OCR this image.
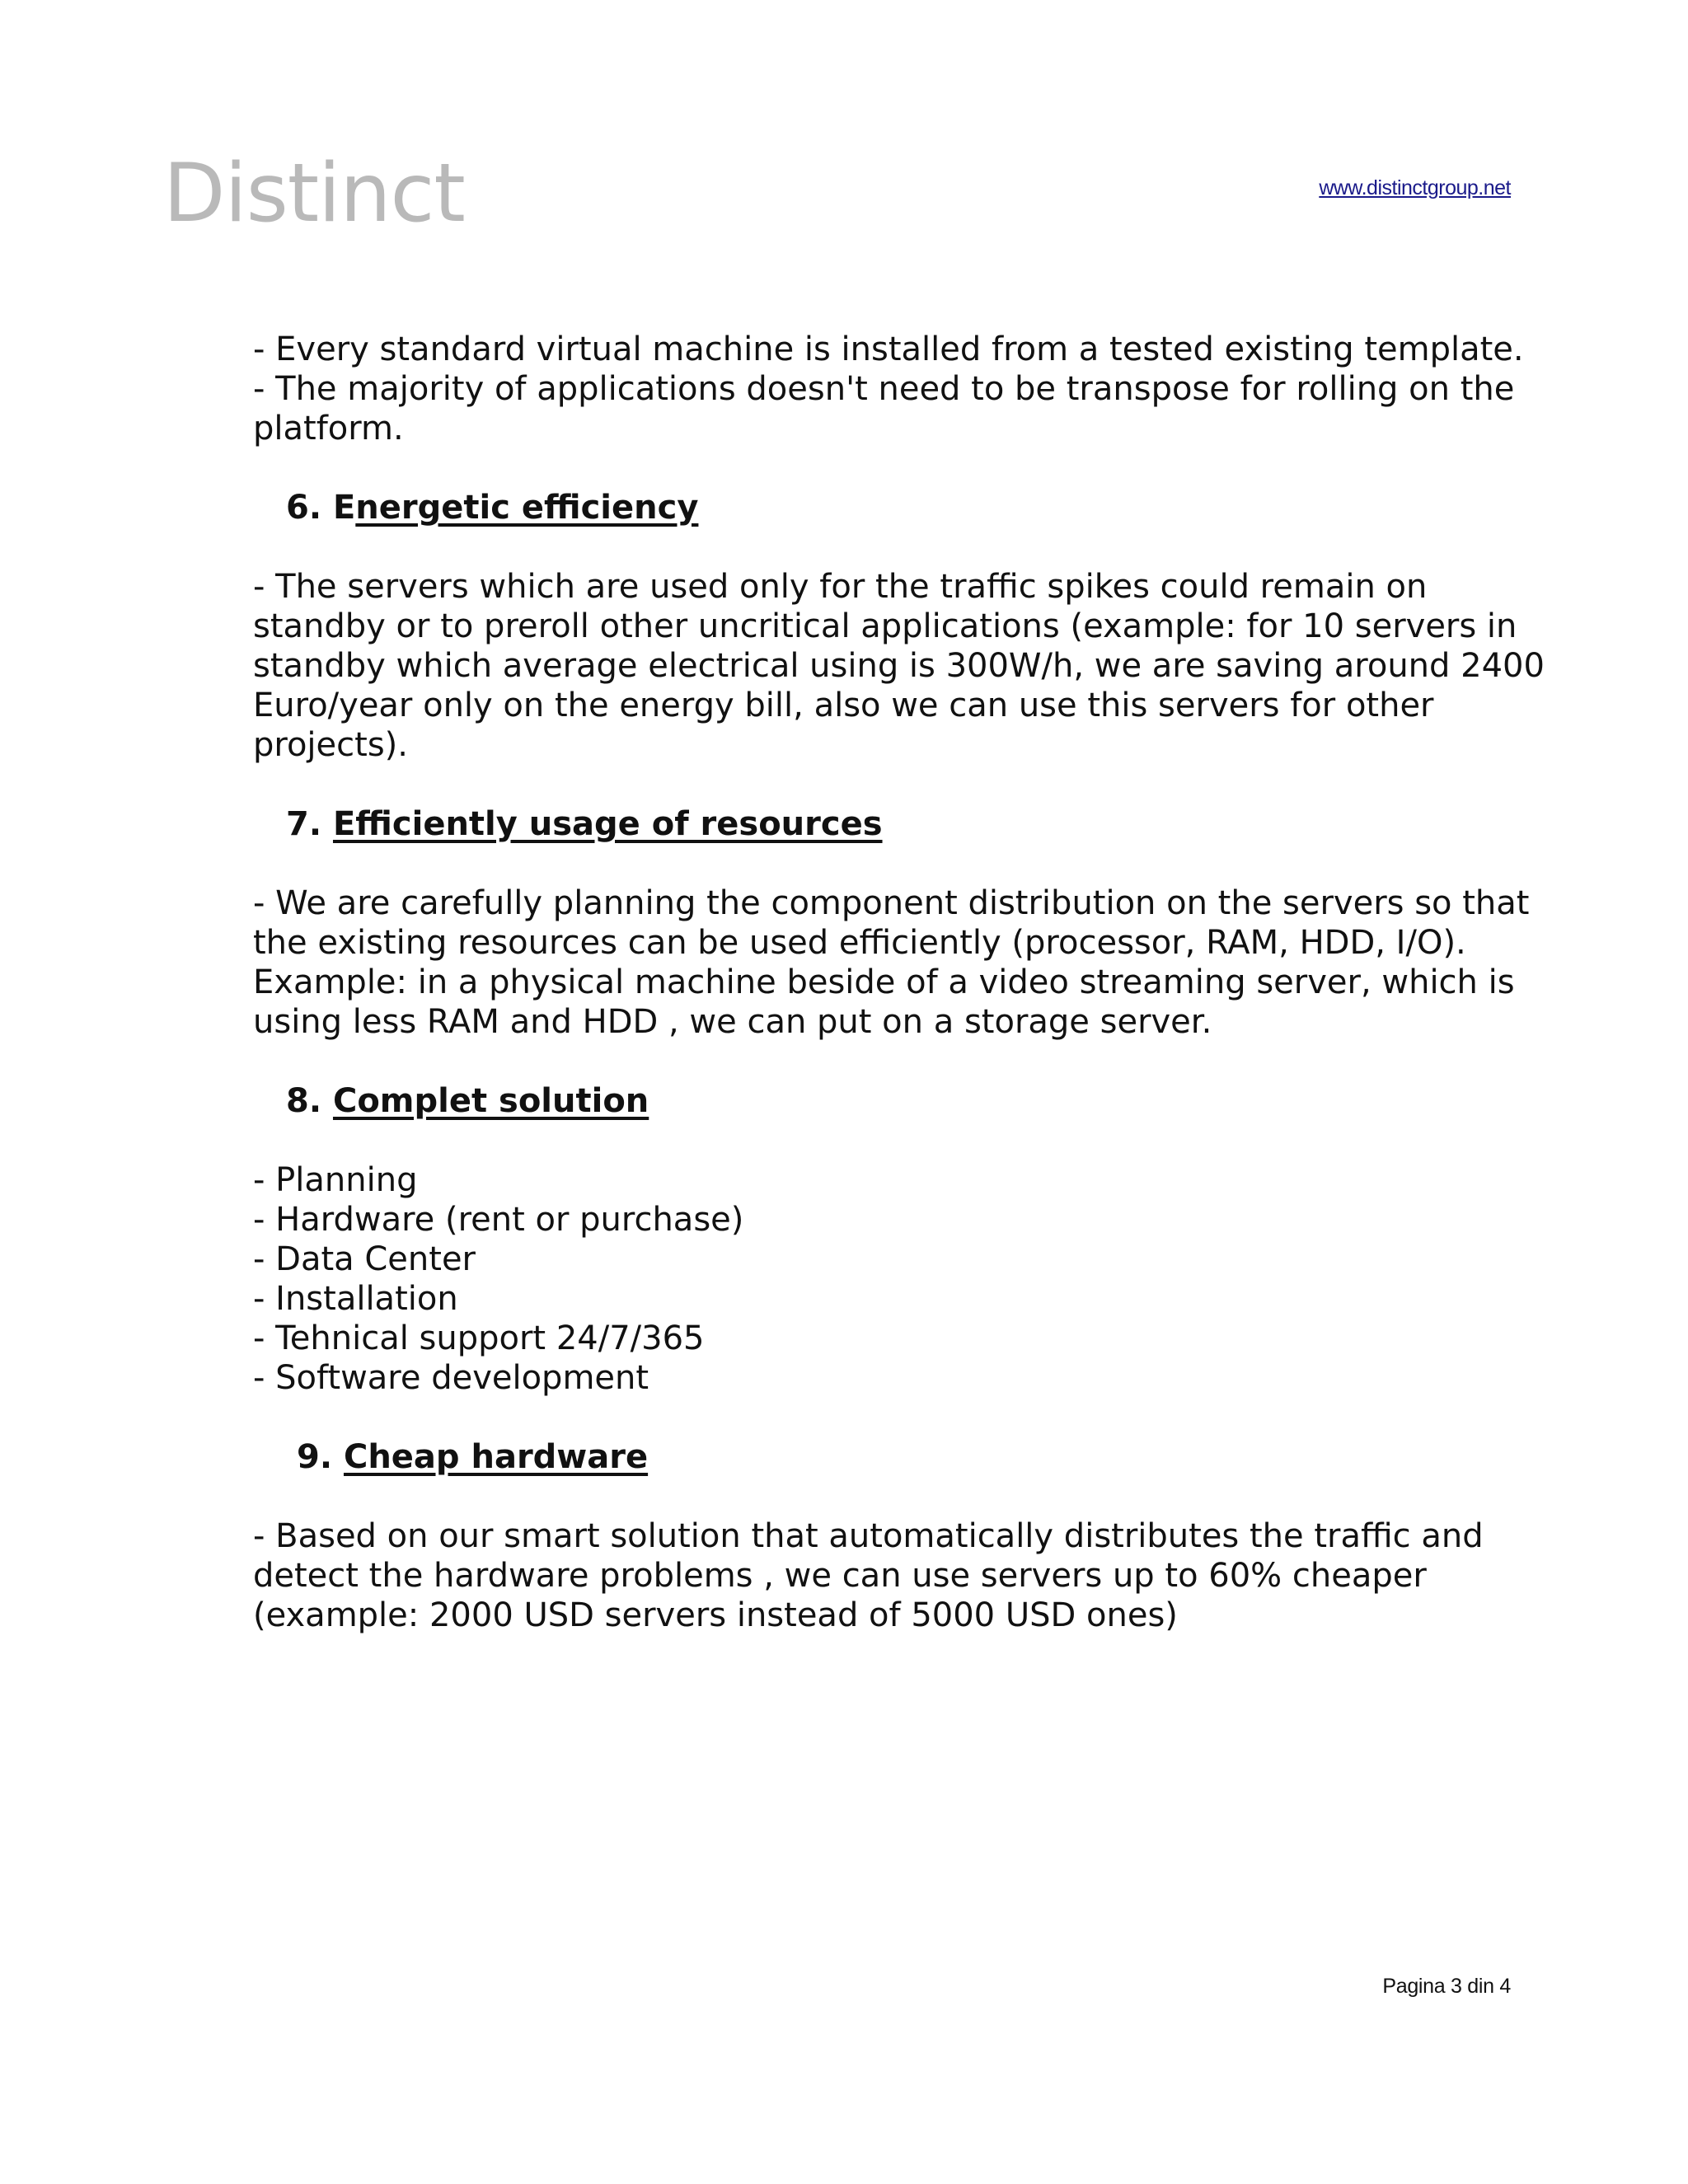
Distinct	www.distinctgroup.net
- Every standard virtual machine is installed from a tested existing template.
- The majority of applications doesn't need to be transpose for rolling on the
platform.
6. Energetic efficiency
- The servers which are used only for the traffic spikes could remain on
standby or to preroll other uncritical applications (example: for 10 servers in
standby which average electrical using is 300W/h, we are saving around 2400
Euro/year only on the energy bill, also we can use this servers for other
projects).
7. Efficiently usage of resources
- We are carefully planning the component distribution on the servers so that
the existing resources can be used efficiently (processor, RAM, HDD, I/O).
Example: in a physical machine beside of a video streaming server, which is
using less RAM and HDD , we can put on a storage server.
8. Complet solution
- Planning
- Hardware (rent or purchase)
- Data Center
- Installation
- Tehnical support 24/7/365
- Software development
9. Cheap hardware
- Based on our smart solution that automatically distributes the traffic and
detect the hardware problems , we can use servers up to 60% cheaper
(example: 2000 USD servers instead of 5000 USD ones)
Pagina 3 din 4
